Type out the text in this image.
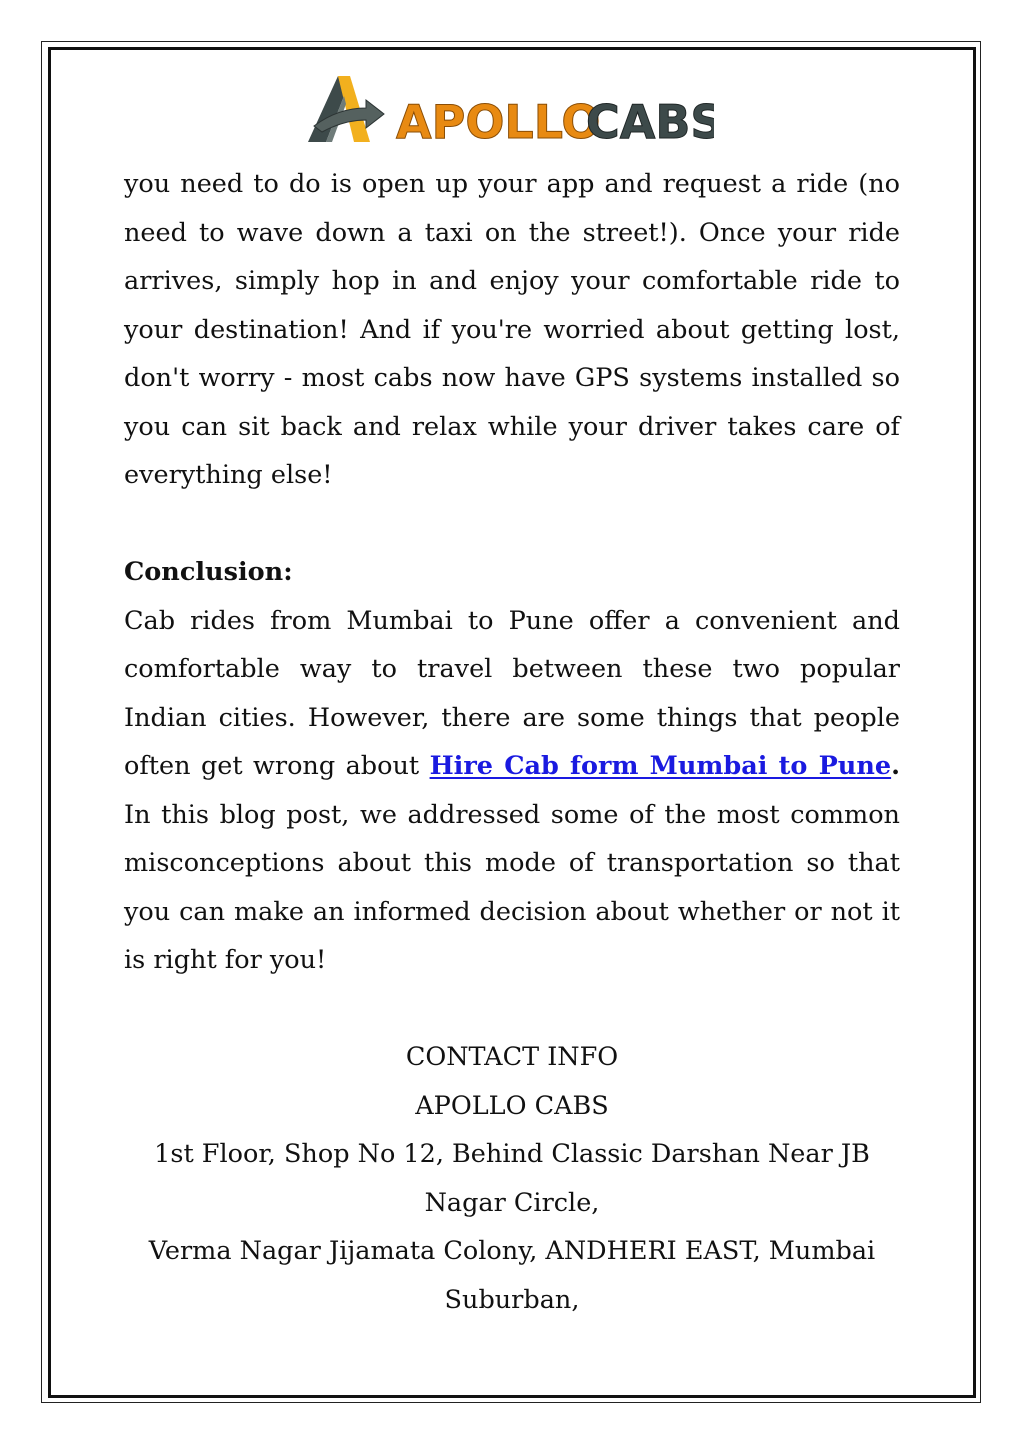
APOLLO
CABS

you need to do is open up your app and request a ride (no need to wave down a taxi on the street!). Once your ride arrives, simply hop in and enjoy your comfortable ride to your destination! And if you're worried about getting lost, don't worry - most cabs now have GPS systems installed so you can sit back and relax while your driver takes care of everything else!

Conclusion:

Cab rides from Mumbai to Pune offer a convenient and comfortable way to travel between these two popular Indian cities. However, there are some things that people often get wrong about Hire Cab form Mumbai to Pune. In this blog post, we addressed some of the most common misconceptions about this mode of transportation so that you can make an informed decision about whether or not it is right for you!

CONTACT INFO

APOLLO CABS

1st Floor, Shop No 12, Behind Classic Darshan Near JB Nagar Circle,

Verma Nagar Jijamata Colony, ANDHERI EAST, Mumbai Suburban,
